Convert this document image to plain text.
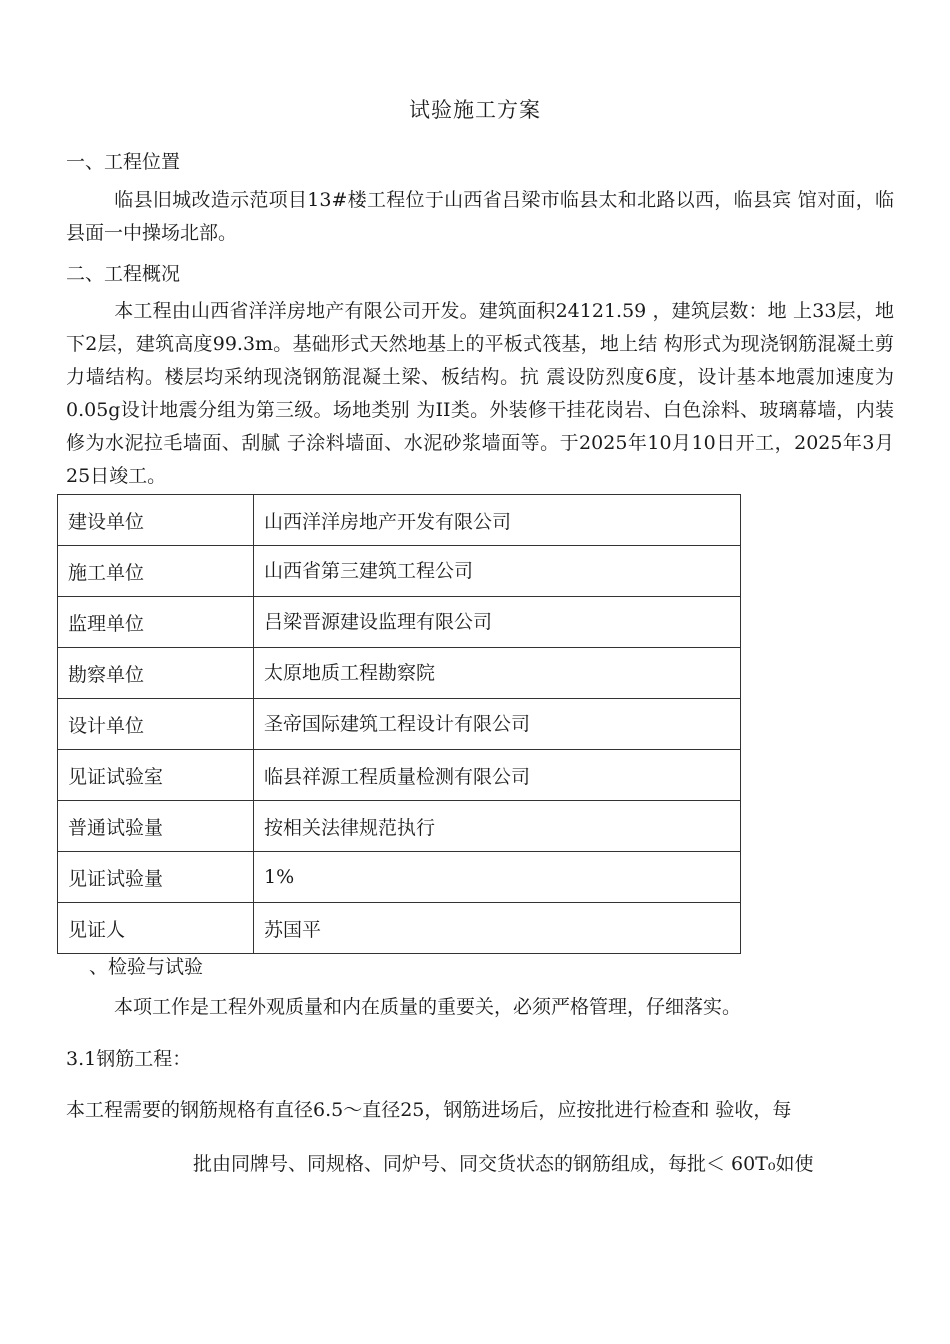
试验施工方案
一、工程位置
临县旧城改造示范项目13#楼工程位于山西省吕梁市临县太和北路以西，临县宾 馆对面，临县面一中操场北部。
二、工程概况
本工程由山西省洋洋房地产有限公司开发。建筑面积24121.59 ，建筑层数：地 上33层，地下2层，建筑高度99.3m。基础形式天然地基上的平板式筏基，地上结 构形式为现浇钢筋混凝土剪力墙结构。楼层均采纳现浇钢筋混凝土梁、板结构。抗 震设防烈度6度，设计基本地震加速度为0.05g设计地震分组为第三级。场地类别 为II类。外装修干挂花岗岩、白色涂料、玻璃幕墙，内装修为水泥拉毛墙面、刮腻 子涂料墙面、水泥砂浆墙面等。于2025年10月10日开工，2025年3月25日竣工。
建设单位	山西洋洋房地产开发有限公司
施工单位	山西省第三建筑工程公司
监理单位	吕梁晋源建设监理有限公司
勘察单位	太原地质工程勘察院
设计单位	圣帝国际建筑工程设计有限公司
见证试验室	临县祥源工程质量检测有限公司
普通试验量	按相关法律规范执行
见证试验量	1%
见证人	苏国平
、检验与试验
本项工作是工程外观质量和内在质量的重要关，必须严格管理，仔细落实。
3.1钢筋工程：
本工程需要的钢筋规格有直径6.5〜直径25，钢筋进场后，应按批进行检查和 验收，每
批由同牌号、同规格、同炉号、同交货状态的钢筋组成，每批＜ 60T₀如使
